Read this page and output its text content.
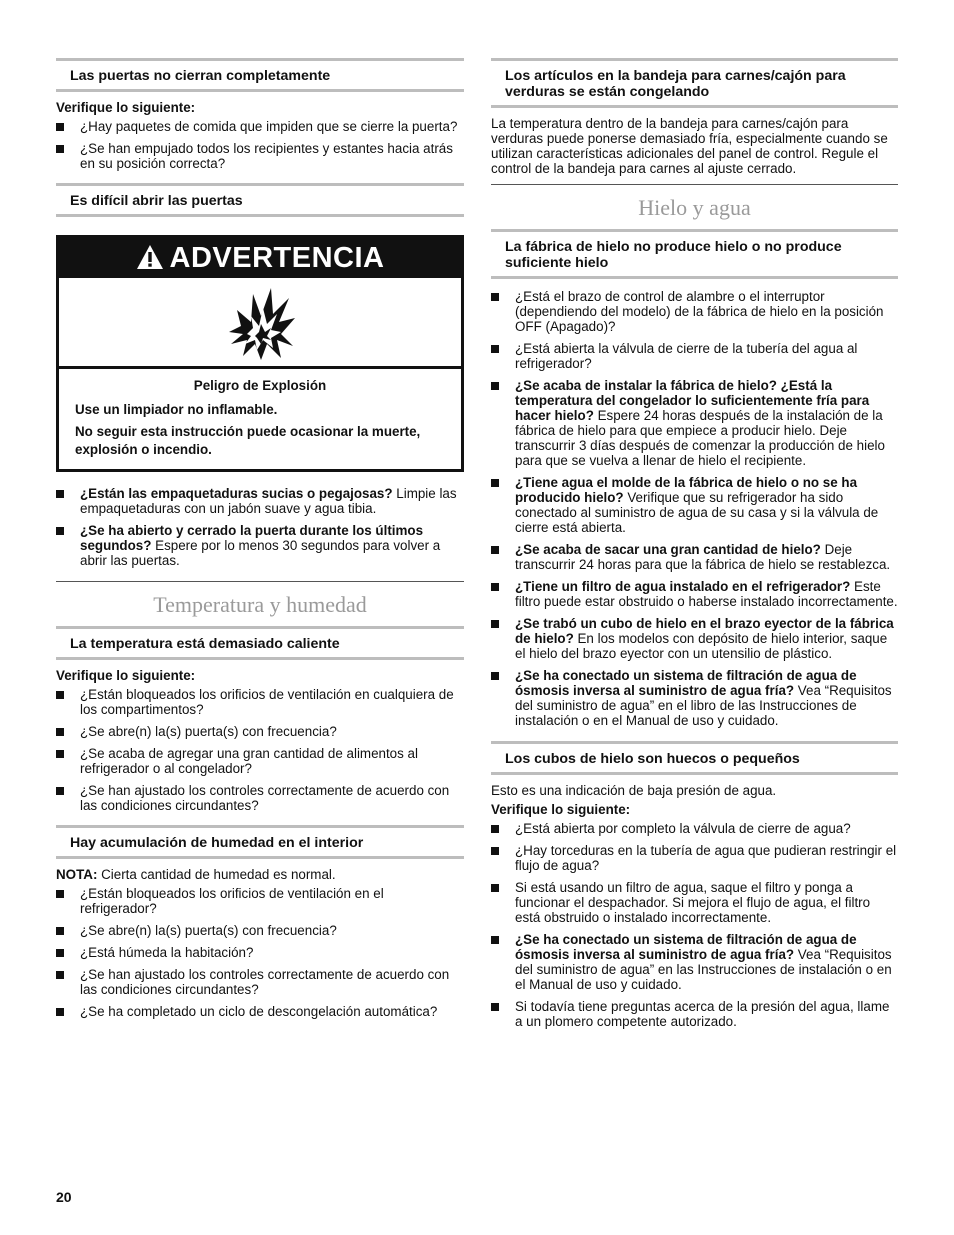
Las puertas no cierran completamente
Verifique lo siguiente:
¿Hay paquetes de comida que impiden que se cierre la puerta?
¿Se han empujado todos los recipientes y estantes hacia atrás en su posición correcta?
Es difícil abrir las puertas
ADVERTENCIA
Peligro de Explosión
Use un limpiador no inflamable.
No seguir esta instrucción puede ocasionar la muerte, explosión o incendio.
¿Están las empaquetaduras sucias o pegajosas? Limpie las empaquetaduras con un jabón suave y agua tibia.
¿Se ha abierto y cerrado la puerta durante los últimos segundos? Espere por lo menos 30 segundos para volver a abrir las puertas.
Temperatura y humedad
La temperatura está demasiado caliente
Verifique lo siguiente:
¿Están bloqueados los orificios de ventilación en cualquiera de los compartimentos?
¿Se abre(n) la(s) puerta(s) con frecuencia?
¿Se acaba de agregar una gran cantidad de alimentos al refrigerador o al congelador?
¿Se han ajustado los controles correctamente de acuerdo con las condiciones circundantes?
Hay acumulación de humedad en el interior

NOTA: Cierta cantidad de humedad es normal.

¿Están bloqueados los orificios de ventilación en el refrigerador?
¿Se abre(n) la(s) puerta(s) con frecuencia?
¿Está húmeda la habitación?
¿Se han ajustado los controles correctamente de acuerdo con las condiciones circundantes?
¿Se ha completado un ciclo de descongelación automática?
Los artículos en la bandeja para carnes/cajón para verduras se están congelando

La temperatura dentro de la bandeja para carnes/cajón para verduras puede ponerse demasiado fría, especialmente cuando se utilizan características adicionales del panel de control. Regule el control de la bandeja para carnes al ajuste cerrado.

Hielo y agua
La fábrica de hielo no produce hielo o no produce suficiente hielo
¿Está el brazo de control de alambre o el interruptor (dependiendo del modelo) de la fábrica de hielo en la posición OFF (Apagado)?
¿Está abierta la válvula de cierre de la tubería del agua al refrigerador?
¿Se acaba de instalar la fábrica de hielo? ¿Está la temperatura del congelador lo suficientemente fría para hacer hielo? Espere 24 horas después de la instalación de la fábrica de hielo para que empiece a producir hielo. Deje transcurrir 3 días después de comenzar la producción de hielo para que se vuelva a llenar de hielo el recipiente.
¿Tiene agua el molde de la fábrica de hielo o no se ha producido hielo? Verifique que su refrigerador ha sido conectado al suministro de agua de su casa y si la válvula de cierre está abierta.
¿Se acaba de sacar una gran cantidad de hielo? Deje transcurrir 24 horas para que la fábrica de hielo se restablezca.
¿Tiene un filtro de agua instalado en el refrigerador? Este filtro puede estar obstruido o haberse instalado incorrectamente.
¿Se trabó un cubo de hielo en el brazo eyector de la fábrica de hielo? En los modelos con depósito de hielo interior, saque el hielo del brazo eyector con un utensilio de plástico.
¿Se ha conectado un sistema de filtración de agua de ósmosis inversa al suministro de agua fría? Vea “Requisitos del suministro de agua” en el libro de las Instrucciones de instalación o en el Manual de uso y cuidado.
Los cubos de hielo son huecos o pequeños

Esto es una indicación de baja presión de agua.

Verifique lo siguiente:
¿Está abierta por completo la válvula de cierre de agua?
¿Hay torceduras en la tubería de agua que pudieran restringir el flujo de agua?
Si está usando un filtro de agua, saque el filtro y ponga a funcionar el despachador. Si mejora el flujo de agua, el filtro está obstruido o instalado incorrectamente.
¿Se ha conectado un sistema de filtración de agua de ósmosis inversa al suministro de agua fría? Vea “Requisitos del suministro de agua” en las Instrucciones de instalación o en el Manual de uso y cuidado.
Si todavía tiene preguntas acerca de la presión del agua, llame a un plomero competente autorizado.
20
